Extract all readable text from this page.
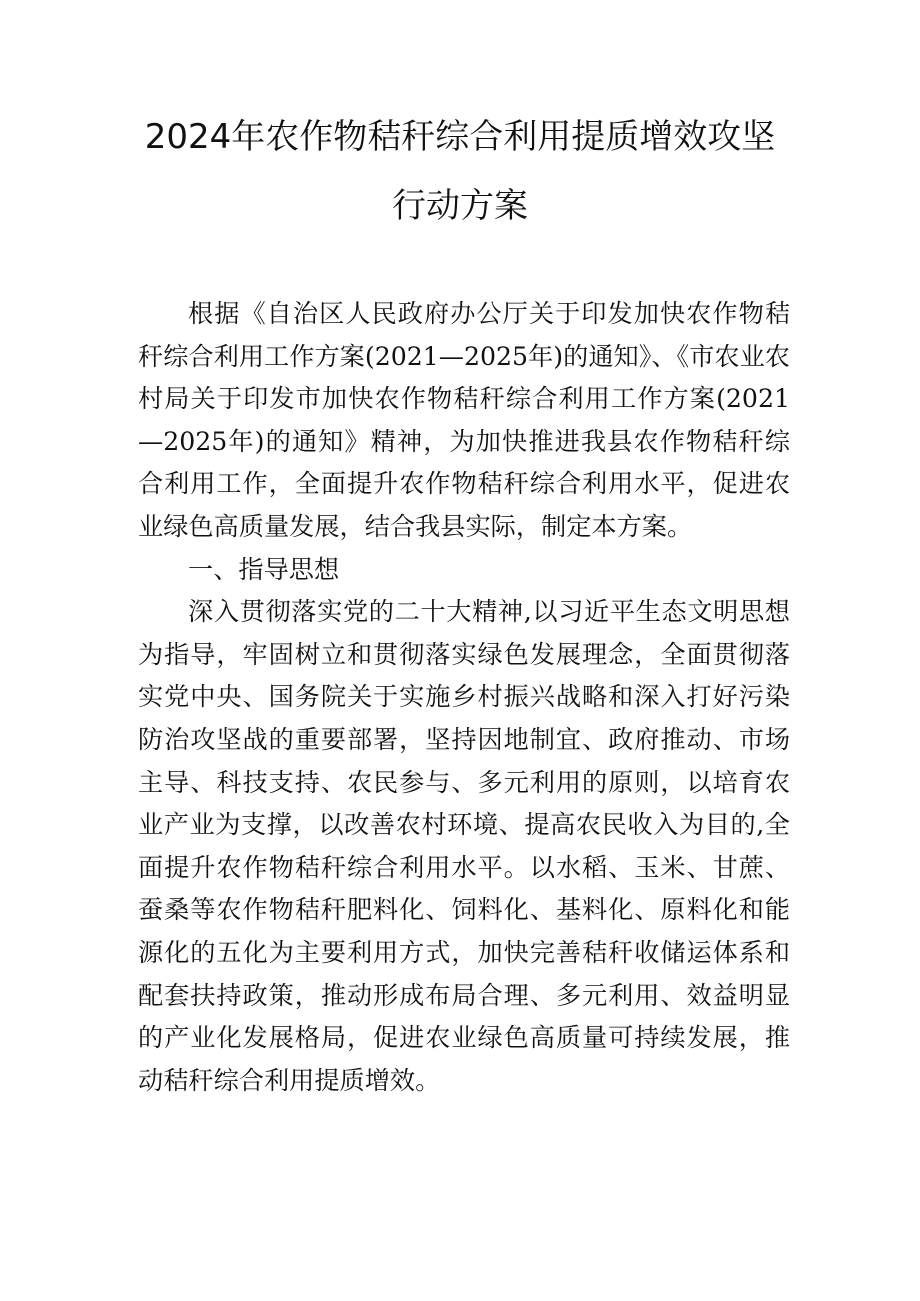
2024年农作物秸秆综合利用提质增效攻坚
行动方案

根据《自治区人民政府办公厅关于印发加快农作物秸秆综合利用工作方案(2021—2025年)的通知》、《市农业农村局关于印发市加快农作物秸秆综合利用工作方案(2021—2025年)的通知》精神，为加快推进我县农作物秸秆综合利用工作，全面提升农作物秸秆综合利用水平，促进农业绿色高质量发展，结合我县实际，制定本方案。

一、指导思想

深入贯彻落实党的二十大精神,以习近平生态文明思想为指导，牢固树立和贯彻落实绿色发展理念，全面贯彻落实党中央、国务院关于实施乡村振兴战略和深入打好污染防治攻坚战的重要部署，坚持因地制宜、政府推动、市场主导、科技支持、农民参与、多元利用的原则，以培育农业产业为支撑，以改善农村环境、提高农民收入为目的,全面提升农作物秸秆综合利用水平。以水稻、玉米、甘蔗、蚕桑等农作物秸秆肥料化、饲料化、基料化、原料化和能源化的五化为主要利用方式，加快完善秸秆收储运体系和配套扶持政策，推动形成布局合理、多元利用、效益明显的产业化发展格局，促进农业绿色高质量可持续发展，推动秸秆综合利用提质增效。
